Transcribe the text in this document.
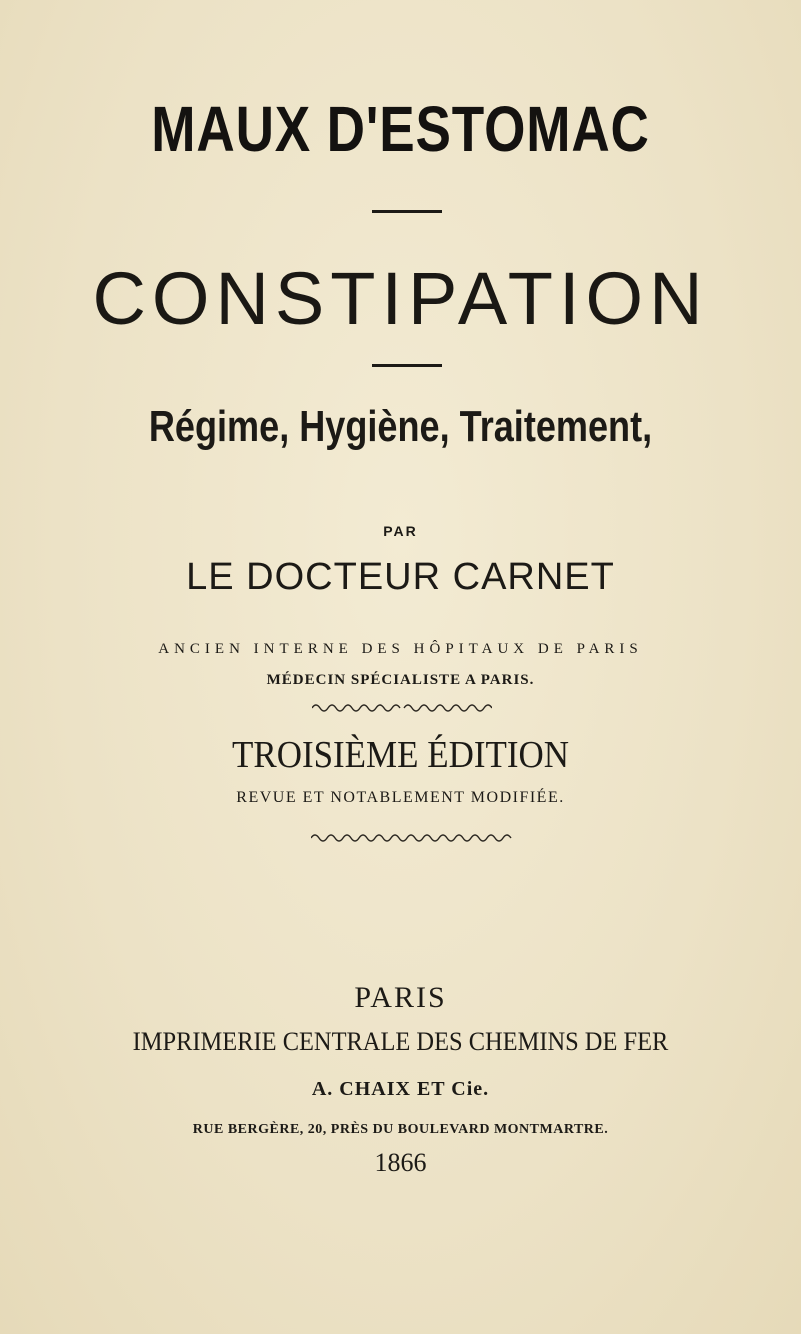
MAUX D'ESTOMAC
CONSTIPATION
Régime, Hygiène, Traitement,
PAR
LE DOCTEUR CARNET
ANCIEN INTERNE DES HÔPITAUX DE PARIS
MÉDECIN SPÉCIALISTE A PARIS.
TROISIÈME ÉDITION
REVUE ET NOTABLEMENT MODIFIÉE.
PARIS
IMPRIMERIE CENTRALE DES CHEMINS DE FER
A. CHAIX ET Cie.
RUE BERGÈRE, 20, PRÈS DU BOULEVARD MONTMARTRE.
1866
